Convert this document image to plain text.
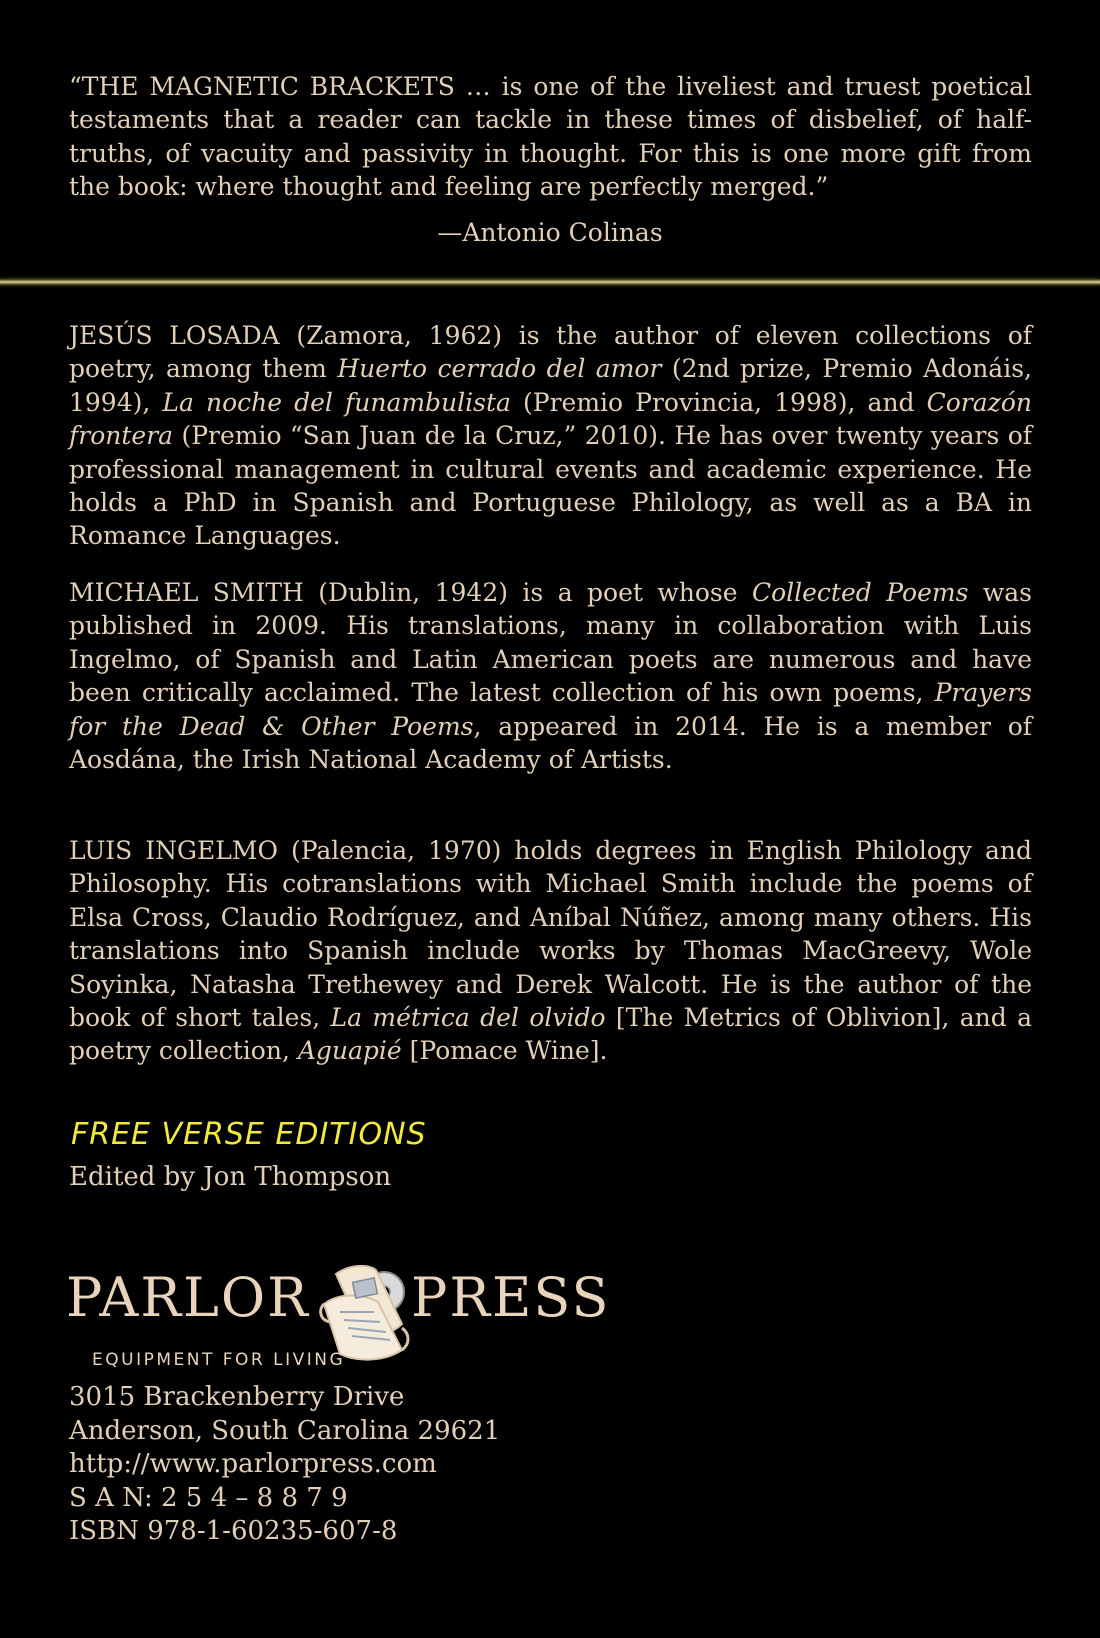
“THE MAGNETIC BRACKETS … is one of the liveliest and truest poetical testaments that a reader can tackle in these times of disbelief, of half-truths, of vacuity and passivity in thought. For this is one more gift from the book: where thought and feeling are perfectly merged.”

—Antonio Colinas

JESÚS LOSADA (Zamora, 1962) is the author of eleven collections of poetry, among them Huerto cerrado del amor (2nd prize, Premio Adonáis, 1994), La noche del funambulista (Premio Provincia, 1998), and Corazón frontera (Premio “San Juan de la Cruz,” 2010). He has over twenty years of professional management in cultural events and academic experience. He holds a PhD in Spanish and Portuguese Philology, as well as a BA in Romance Languages.

MICHAEL SMITH (Dublin, 1942) is a poet whose Collected Poems was published in 2009. His translations, many in collaboration with Luis Ingelmo, of Spanish and Latin American poets are numerous and have been critically acclaimed. The latest collection of his own poems, Prayers for the Dead & Other Poems, appeared in 2014. He is a member of Aosdána, the Irish National Academy of Artists.

LUIS INGELMO (Palencia, 1970) holds degrees in English Philology and Philosophy. His cotranslations with Michael Smith include the poems of Elsa Cross, Claudio Rodríguez, and Aníbal Núñez, among many others. His translations into Spanish include works by Thomas MacGreevy, Wole Soyinka, Natasha Trethewey and Derek Walcott. He is the author of the book of short tales, La métrica del olvido [The Metrics of Oblivion], and a poetry collection, Aguapié [Pomace Wine].

FREE VERSE EDITIONS
Edited by Jon Thompson
PARLOR PRESS
EQUIPMENT FOR LIVING
3015 Brackenberry Drive
Anderson, South Carolina 29621
http://www.parlorpress.com
S A N: 2 5 4 – 8 8 7 9
ISBN 978-1-60235-607-8
